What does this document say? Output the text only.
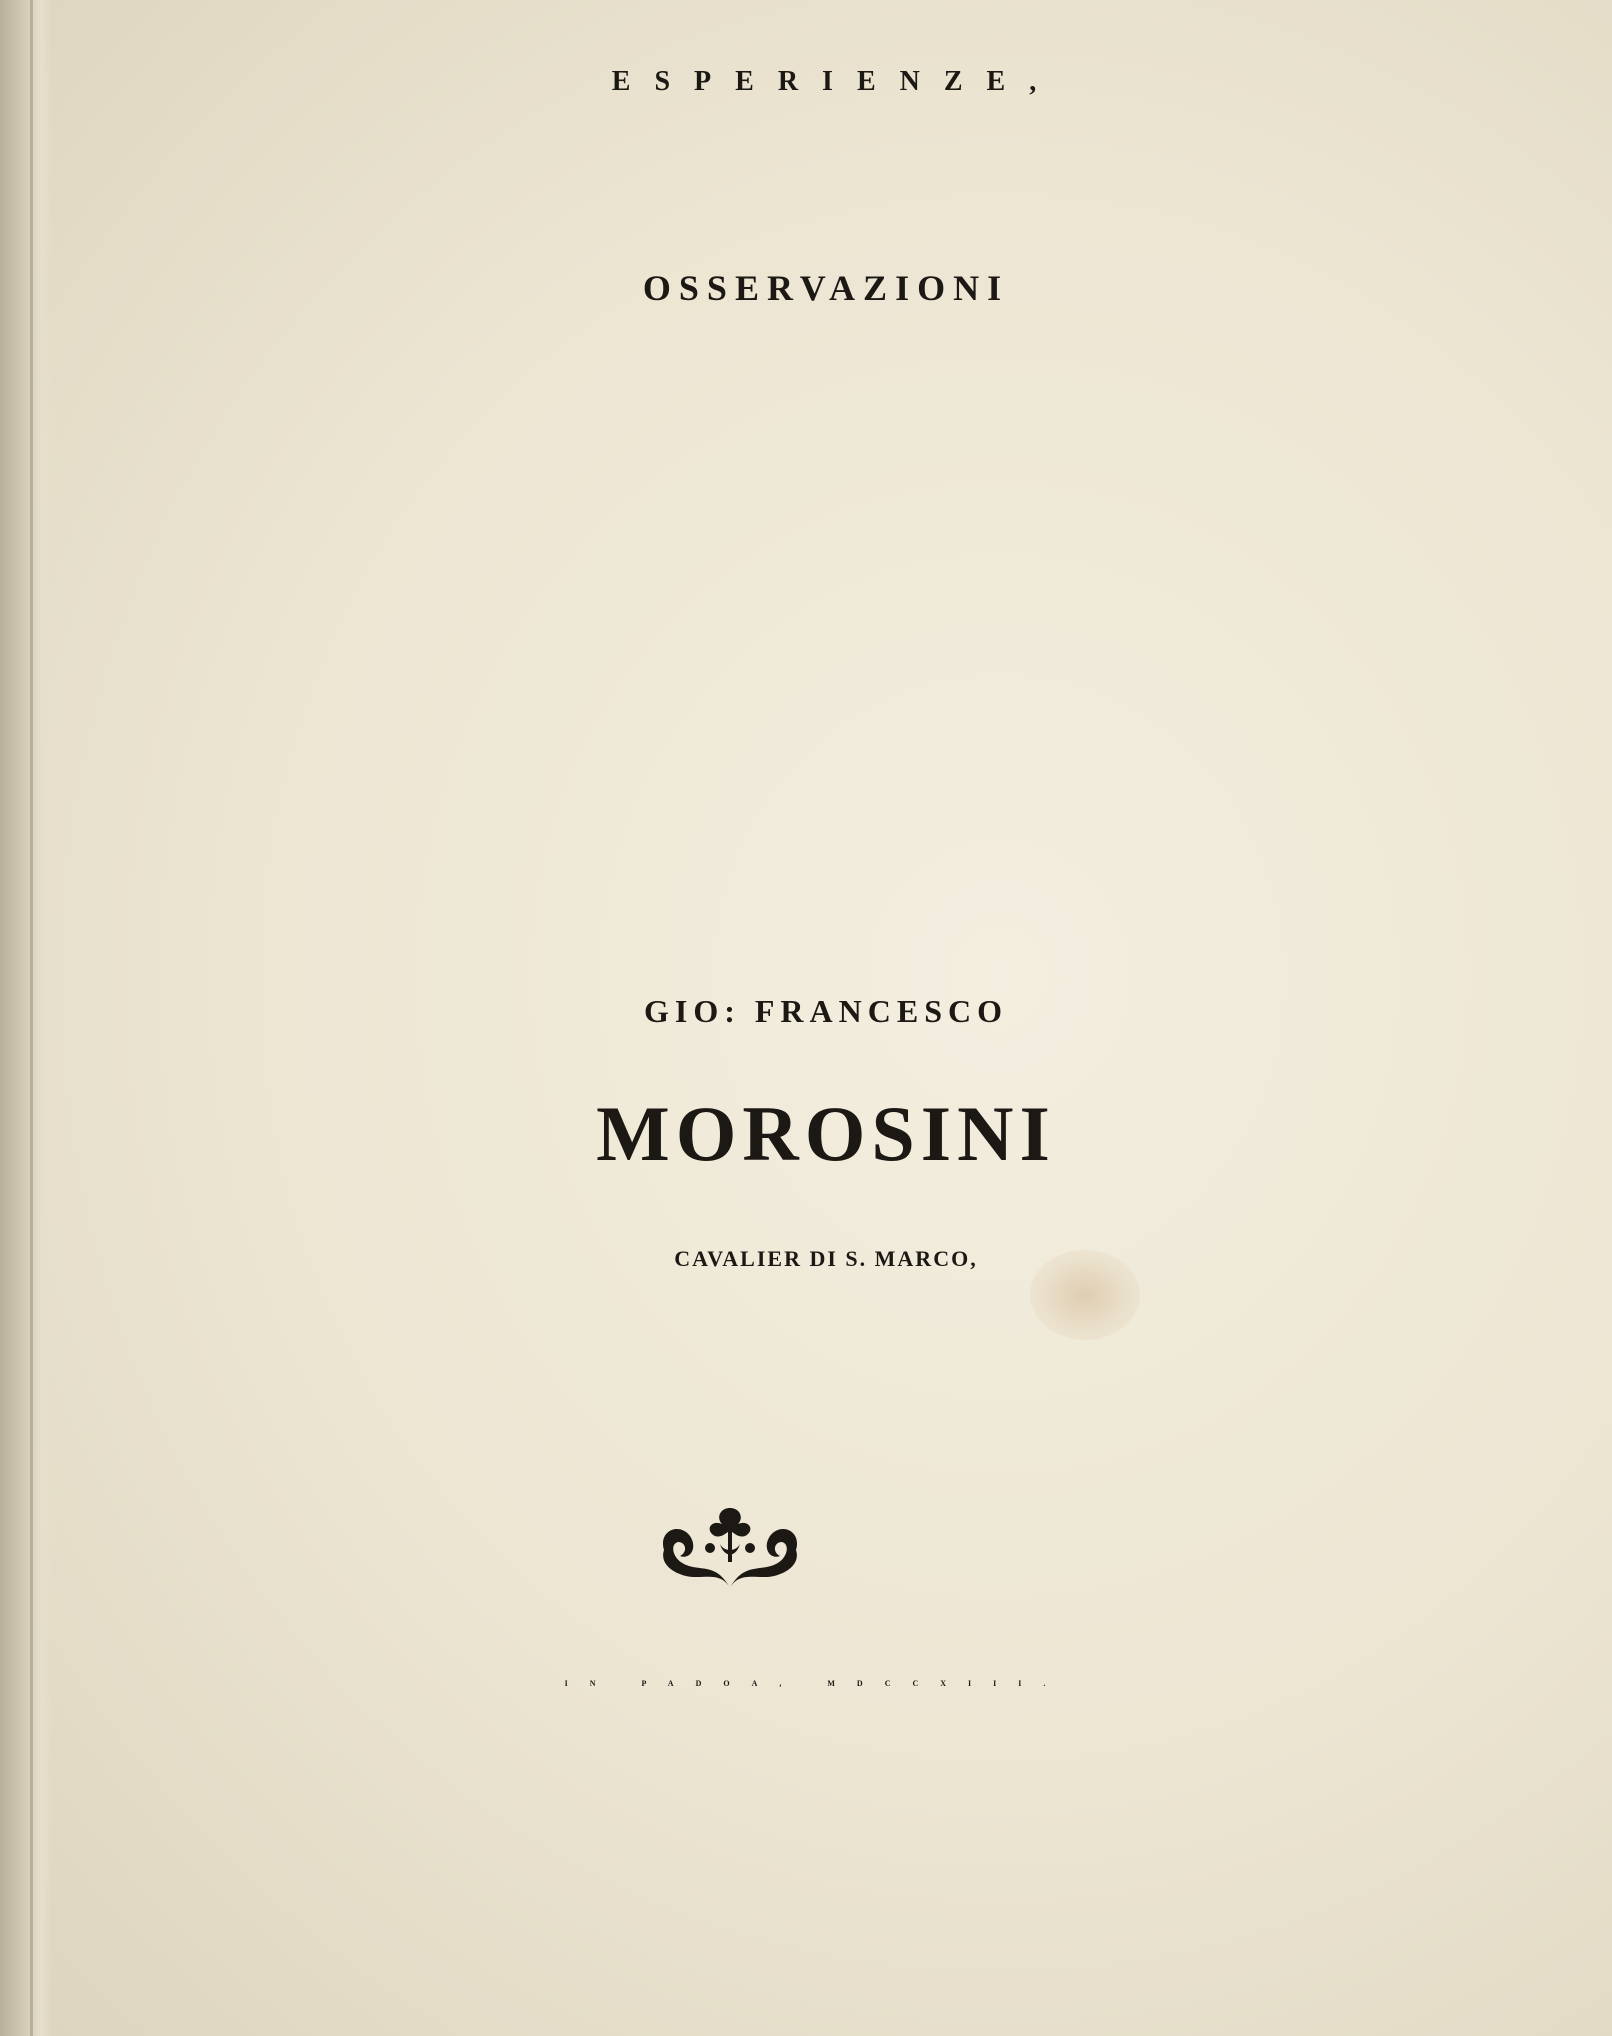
ESPERIENZE,
OSSERVAZIONI
GIO: FRANCESCO
MOROSINI
CAVALIER DI S. MARCO,
IN PADOA, MDCCXIII.
